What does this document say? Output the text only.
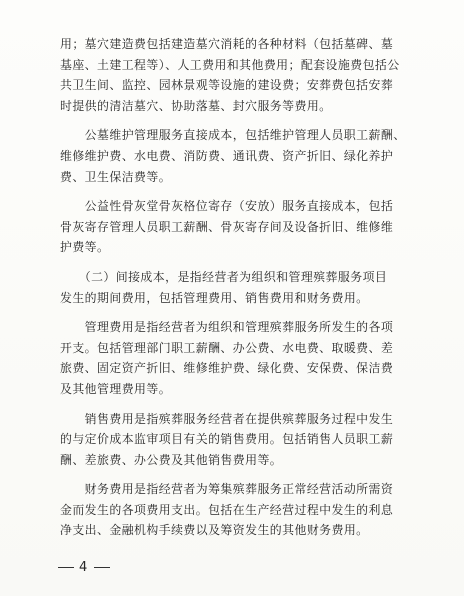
用；墓穴建造费包括建造墓穴消耗的各种材料（包括墓碑、墓
基座、土建工程等）、人工费用和其他费用；配套设施费包括公
共卫生间、监控、园林景观等设施的建设费；安葬费包括安葬
时提供的清洁墓穴、协助落墓、封穴服务等费用。

　　公墓维护管理服务直接成本，包括维护管理人员职工薪酬、
维修维护费、水电费、消防费、通讯费、资产折旧、绿化养护
费、卫生保洁费等。

　　公益性骨灰堂骨灰格位寄存（安放）服务直接成本，包括
骨灰寄存管理人员职工薪酬、骨灰寄存间及设备折旧、维修维
护费等。

　　（二）间接成本，是指经营者为组织和管理殡葬服务项目
发生的期间费用，包括管理费用、销售费用和财务费用。

　　管理费用是指经营者为组织和管理殡葬服务所发生的各项
开支。包括管理部门职工薪酬、办公费、水电费、取暖费、差
旅费、固定资产折旧、维修维护费、绿化费、安保费、保洁费
及其他管理费用等。

　　销售费用是指殡葬服务经营者在提供殡葬服务过程中发生
的与定价成本监审项目有关的销售费用。包括销售人员职工薪
酬、差旅费、办公费及其他销售费用等。

　　财务费用是指经营者为筹集殡葬服务正常经营活动所需资
金而发生的各项费用支出。包括在生产经营过程中发生的利息
净支出、金融机构手续费以及筹资发生的其他财务费用。

4
